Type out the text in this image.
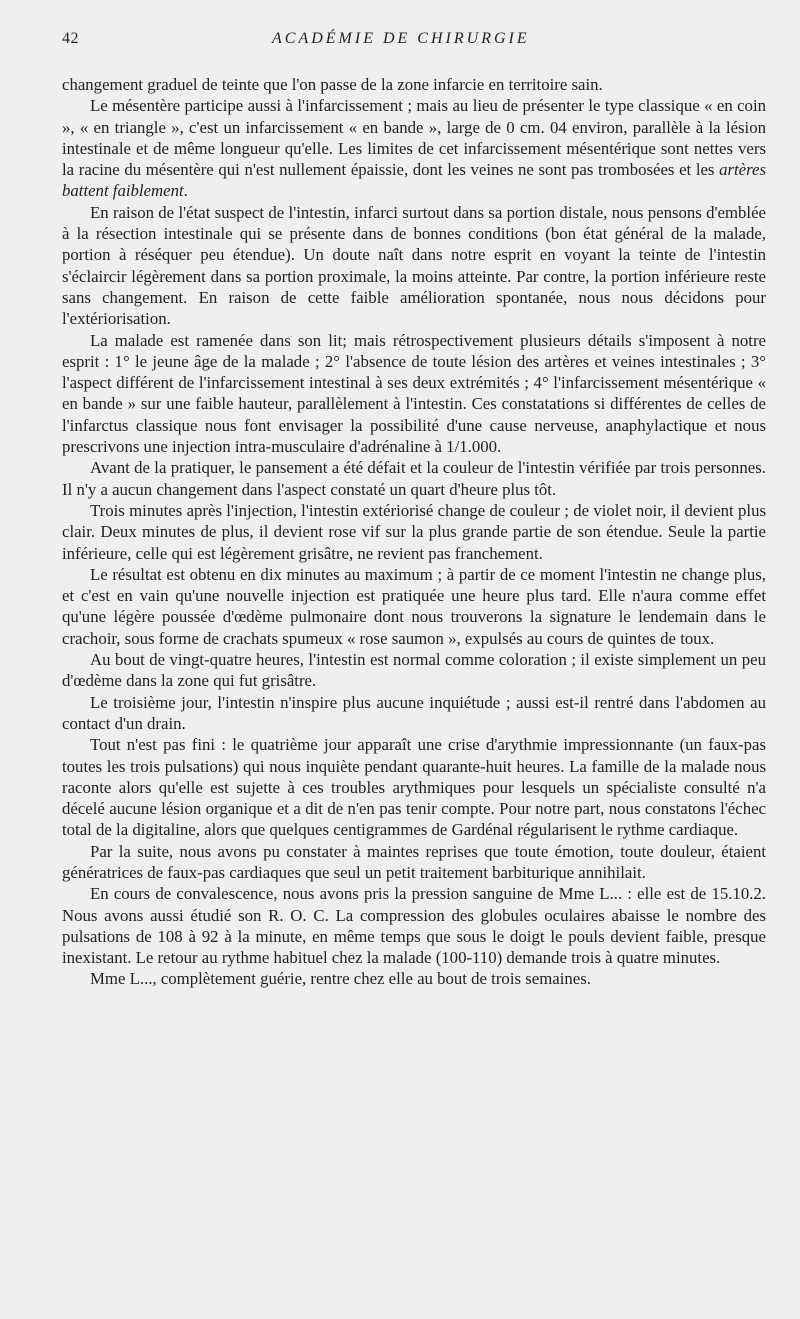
42	ACADÉMIE DE CHIRURGIE

changement graduel de teinte que l'on passe de la zone infarcie en territoire sain.

Le mésentère participe aussi à l'infarcissement ; mais au lieu de présenter le type classique « en coin », « en triangle », c'est un infarcissement « en bande », large de 0 cm. 04 environ, parallèle à la lésion intestinale et de même longueur qu'elle. Les limites de cet infarcissement mésentérique sont nettes vers la racine du mésentère qui n'est nullement épaissie, dont les veines ne sont pas trombosées et les artères battent faiblement.

En raison de l'état suspect de l'intestin, infarci surtout dans sa portion distale, nous pensons d'emblée à la résection intestinale qui se présente dans de bonnes conditions (bon état général de la malade, portion à réséquer peu étendue). Un doute naît dans notre esprit en voyant la teinte de l'intestin s'éclaircir légèrement dans sa portion proximale, la moins atteinte. Par contre, la portion inférieure reste sans changement. En raison de cette faible amélioration spontanée, nous nous décidons pour l'extériorisation.

La malade est ramenée dans son lit; mais rétrospectivement plusieurs détails s'imposent à notre esprit : 1° le jeune âge de la malade ; 2° l'absence de toute lésion des artères et veines intestinales ; 3° l'aspect différent de l'infarcissement intestinal à ses deux extrémités ; 4° l'infarcissement mésentérique « en bande » sur une faible hauteur, parallèlement à l'intestin. Ces constatations si différentes de celles de l'infarctus classique nous font envisager la possibilité d'une cause nerveuse, anaphylactique et nous prescrivons une injection intra-musculaire d'adrénaline à 1/1.000.

Avant de la pratiquer, le pansement a été défait et la couleur de l'intestin vérifiée par trois personnes. Il n'y a aucun changement dans l'aspect constaté un quart d'heure plus tôt.

Trois minutes après l'injection, l'intestin extériorisé change de couleur ; de violet noir, il devient plus clair. Deux minutes de plus, il devient rose vif sur la plus grande partie de son étendue. Seule la partie inférieure, celle qui est légèrement grisâtre, ne revient pas franchement.

Le résultat est obtenu en dix minutes au maximum ; à partir de ce moment l'intestin ne change plus, et c'est en vain qu'une nouvelle injection est pratiquée une heure plus tard. Elle n'aura comme effet qu'une légère poussée d'œdème pulmonaire dont nous trouverons la signature le lendemain dans le crachoir, sous forme de crachats spumeux « rose saumon », expulsés au cours de quintes de toux.

Au bout de vingt-quatre heures, l'intestin est normal comme coloration ; il existe simplement un peu d'œdème dans la zone qui fut grisâtre.

Le troisième jour, l'intestin n'inspire plus aucune inquiétude ; aussi est-il rentré dans l'abdomen au contact d'un drain.

Tout n'est pas fini : le quatrième jour apparaît une crise d'arythmie impressionnante (un faux-pas toutes les trois pulsations) qui nous inquiète pendant quarante-huit heures. La famille de la malade nous raconte alors qu'elle est sujette à ces troubles arythmiques pour lesquels un spécialiste consulté n'a décelé aucune lésion organique et a dit de n'en pas tenir compte. Pour notre part, nous constatons l'échec total de la digitaline, alors que quelques centigrammes de Gardénal régularisent le rythme cardiaque.

Par la suite, nous avons pu constater à maintes reprises que toute émotion, toute douleur, étaient génératrices de faux-pas cardiaques que seul un petit traitement barbiturique annihilait.

En cours de convalescence, nous avons pris la pression sanguine de Mme L... : elle est de 15.10.2. Nous avons aussi étudié son R. O. C. La compression des globules oculaires abaisse le nombre des pulsations de 108 à 92 à la minute, en même temps que sous le doigt le pouls devient faible, presque inexistant. Le retour au rythme habituel chez la malade (100-110) demande trois à quatre minutes.

Mme L..., complètement guérie, rentre chez elle au bout de trois semaines.
